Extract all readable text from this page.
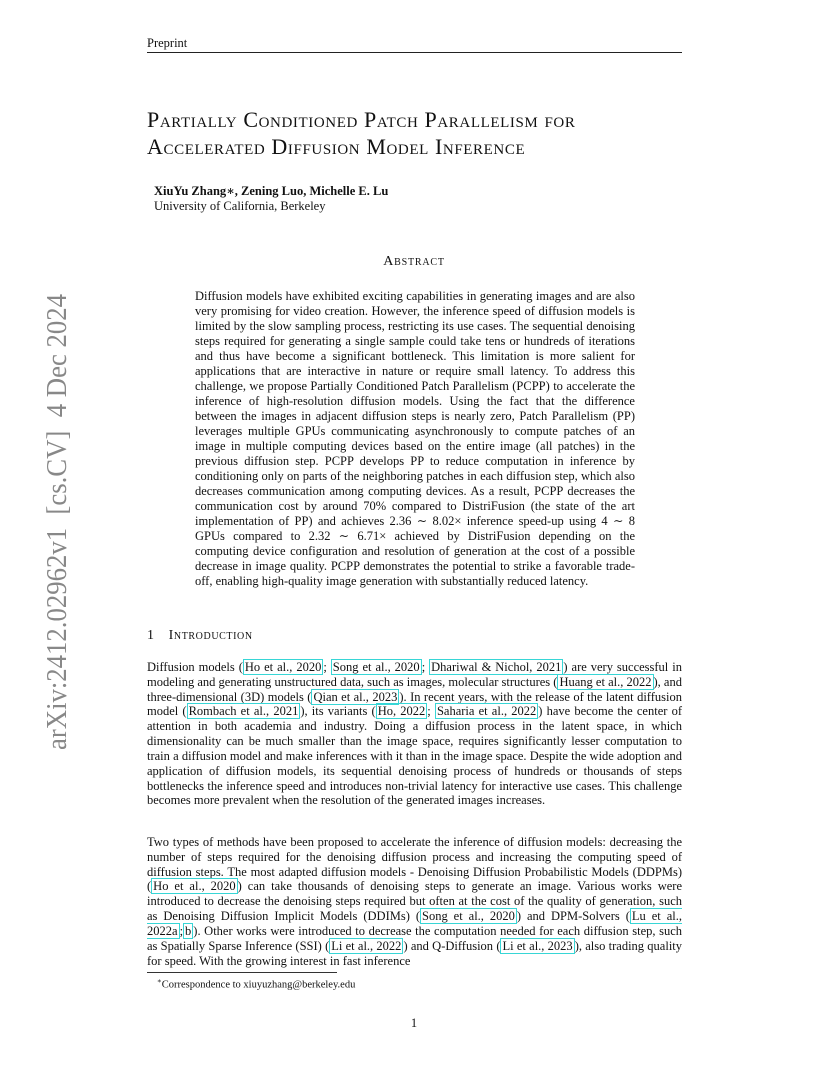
Preprint
arXiv:2412.02962v1  [cs.CV]  4 Dec 2024
Partially Conditioned Patch Parallelism for
Accelerated Diffusion Model Inference
XiuYu Zhang∗, Zening Luo, Michelle E. Lu
University of California, Berkeley
Abstract
Diffusion models have exhibited exciting capabilities in generating images and are also very promising for video creation. However, the inference speed of diffusion models is limited by the slow sampling process, restricting its use cases. The sequential denoising steps required for generating a single sample could take tens or hundreds of iterations and thus have become a significant bottleneck. This limitation is more salient for applications that are interactive in nature or require small latency. To address this challenge, we propose Partially Conditioned Patch Parallelism (PCPP) to accelerate the inference of high-resolution diffusion models. Using the fact that the difference between the images in adjacent diffusion steps is nearly zero, Patch Parallelism (PP) leverages multiple GPUs communicating asynchronously to compute patches of an image in multiple computing devices based on the entire image (all patches) in the previous diffusion step. PCPP develops PP to reduce computation in inference by conditioning only on parts of the neighboring patches in each diffusion step, which also decreases communication among computing devices. As a result, PCPP decreases the communication cost by around 70% compared to DistriFusion (the state of the art implementation of PP) and achieves 2.36 ∼ 8.02× inference speed-up using 4 ∼ 8 GPUs compared to 2.32 ∼ 6.71× achieved by DistriFusion depending on the computing device configuration and resolution of generation at the cost of a possible decrease in image quality. PCPP demonstrates the potential to strike a favorable trade-off, enabling high-quality image generation with substantially reduced latency.
1 Introduction
Diffusion models ( Ho et al., 2020 ; Song et al., 2020 ; Dhariwal & Nichol, 2021 ) are very successful in modeling and generating unstructured data, such as images, molecular structures ( Huang et al., 2022 ), and three-dimensional (3D) models ( Qian et al., 2023 ). In recent years, with the release of the latent diffusion model ( Rombach et al., 2021 ), its variants ( Ho, 2022 ; Saharia et al., 2022 ) have become the center of attention in both academia and industry. Doing a diffusion process in the latent space, in which dimensionality can be much smaller than the image space, requires significantly lesser computation to train a diffusion model and make inferences with it than in the image space. Despite the wide adoption and application of diffusion models, its sequential denoising process of hundreds or thousands of steps bottlenecks the inference speed and introduces non-trivial latency for interactive use cases. This challenge becomes more prevalent when the resolution of the generated images increases.
Two types of methods have been proposed to accelerate the inference of diffusion models: decreasing the number of steps required for the denoising diffusion process and increasing the computing speed of diffusion steps. The most adapted diffusion models - Denoising Diffusion Probabilistic Models (DDPMs) ( Ho et al., 2020 ) can take thousands of denoising steps to generate an image. Various works were introduced to decrease the denoising steps required but often at the cost of the quality of generation, such as Denoising Diffusion Implicit Models (DDIMs) ( Song et al., 2020 ) and DPM-Solvers ( Lu et al., 2022a ; b ). Other works were introduced to decrease the computation needed for each diffusion step, such as Spatially Sparse Inference (SSI) ( Li et al., 2022 ) and Q-Diffusion ( Li et al., 2023 ), also trading quality for speed. With the growing interest in fast inference
∗Correspondence to xiuyuzhang@berkeley.edu
1
